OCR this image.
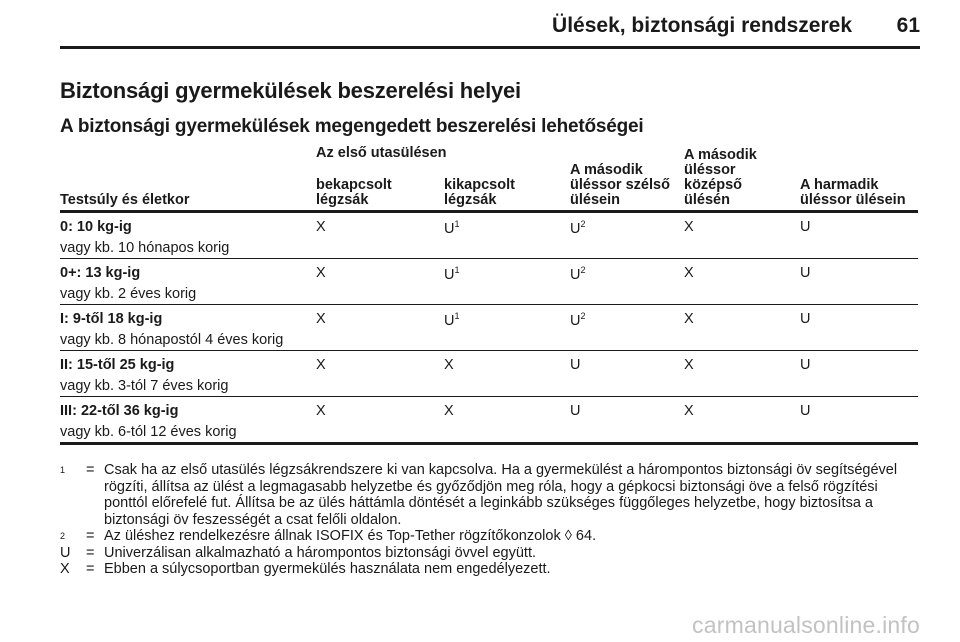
Ülések, biztonsági rendszerek 61
Biztonsági gyermekülések beszerelési helyei
A biztonsági gyermekülések megengedett beszerelési lehetőségei
Az első utasülésen
Testsúly és életkor
bekapcsolt légzsák
kikapcsolt légzsák
A második üléssor szélső ülésein
A második üléssor középső ülésén
A harmadik üléssor ülésein
0: 10 kg-ig
vagy kb. 10 hónapos korig
X	$U^1$	$U^2$	X	U
0+: 13 kg-ig
vagy kb. 2 éves korig
X	$U^1$	$U^2$	X	U
I: 9-től 18 kg-ig
vagy kb. 8 hónapostól 4 éves korig
X	$U^1$	$U^2$	X	U
II: 15-től 25 kg-ig
vagy kb. 3-tól 7 éves korig
X	X	U	X	U
III: 22-től 36 kg-ig
vagy kb. 6-tól 12 éves korig
X	X	U	X	U
$^1$	= Csak ha az első utasülés légzsákrendszere ki van kapcsolva. Ha a gyermekülést a hárompontos biztonsági öv segítségével rögzíti, állítsa az ülést a legmagasabb helyzetbe és győződjön meg róla, hogy a gépkocsi biztonsági öve a felső rögzítési ponttól előrefelé fut. Állítsa be az ülés háttámla döntését a leginkább szükséges függőleges helyzetbe, hogy biztosítsa a biztonsági öv feszességét a csat felőli oldalon.
$^2$	= Az üléshez rendelkezésre állnak ISOFIX és Top-Tether rögzítőkonzolok ◊ 64.
U = Univerzálisan alkalmazható a hárompontos biztonsági övvel együtt.
X = Ebben a súlycsoportban gyermekülés használata nem engedélyezett.
carmanualsonline.info
